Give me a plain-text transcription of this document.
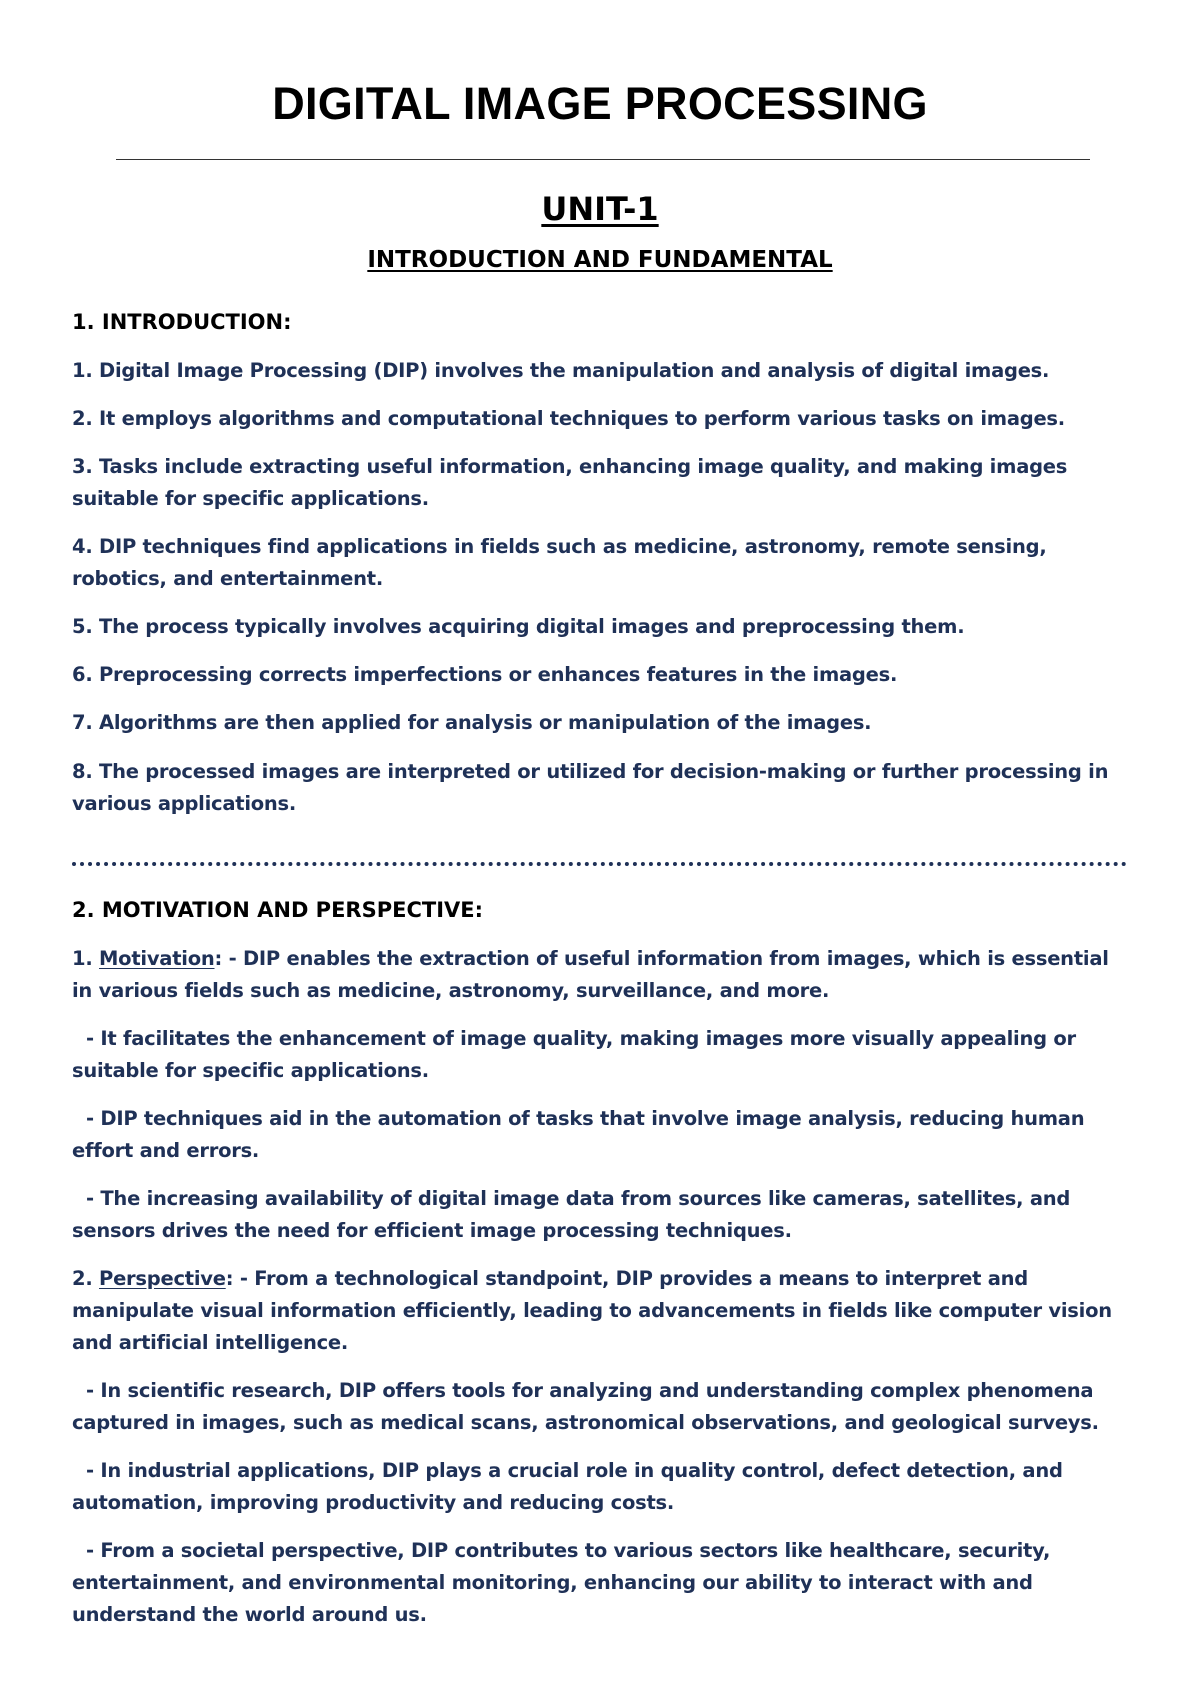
DIGITAL IMAGE PROCESSING
UNIT-1
INTRODUCTION AND FUNDAMENTAL
1. INTRODUCTION:

1. Digital Image Processing (DIP) involves the manipulation and analysis of digital images.

2. It employs algorithms and computational techniques to perform various tasks on images.

3. Tasks include extracting useful information, enhancing image quality, and making images suitable for specific applications.

4. DIP techniques find applications in fields such as medicine, astronomy, remote sensing, robotics, and entertainment.

5. The process typically involves acquiring digital images and preprocessing them.

6. Preprocessing corrects imperfections or enhances features in the images.

7. Algorithms are then applied for analysis or manipulation of the images.

8. The processed images are interpreted or utilized for decision-making or further processing in various applications.

2. MOTIVATION AND PERSPECTIVE:

1. Motivation: - DIP enables the extraction of useful information from images, which is essential in various fields such as medicine, astronomy, surveillance, and more.

- It facilitates the enhancement of image quality, making images more visually appealing or suitable for specific applications.

- DIP techniques aid in the automation of tasks that involve image analysis, reducing human effort and errors.

- The increasing availability of digital image data from sources like cameras, satellites, and sensors drives the need for efficient image processing techniques.

2. Perspective: - From a technological standpoint, DIP provides a means to interpret and manipulate visual information efficiently, leading to advancements in fields like computer vision and artificial intelligence.

- In scientific research, DIP offers tools for analyzing and understanding complex phenomena captured in images, such as medical scans, astronomical observations, and geological surveys.

- In industrial applications, DIP plays a crucial role in quality control, defect detection, and automation, improving productivity and reducing costs.

- From a societal perspective, DIP contributes to various sectors like healthcare, security, entertainment, and environmental monitoring, enhancing our ability to interact with and understand the world around us.
